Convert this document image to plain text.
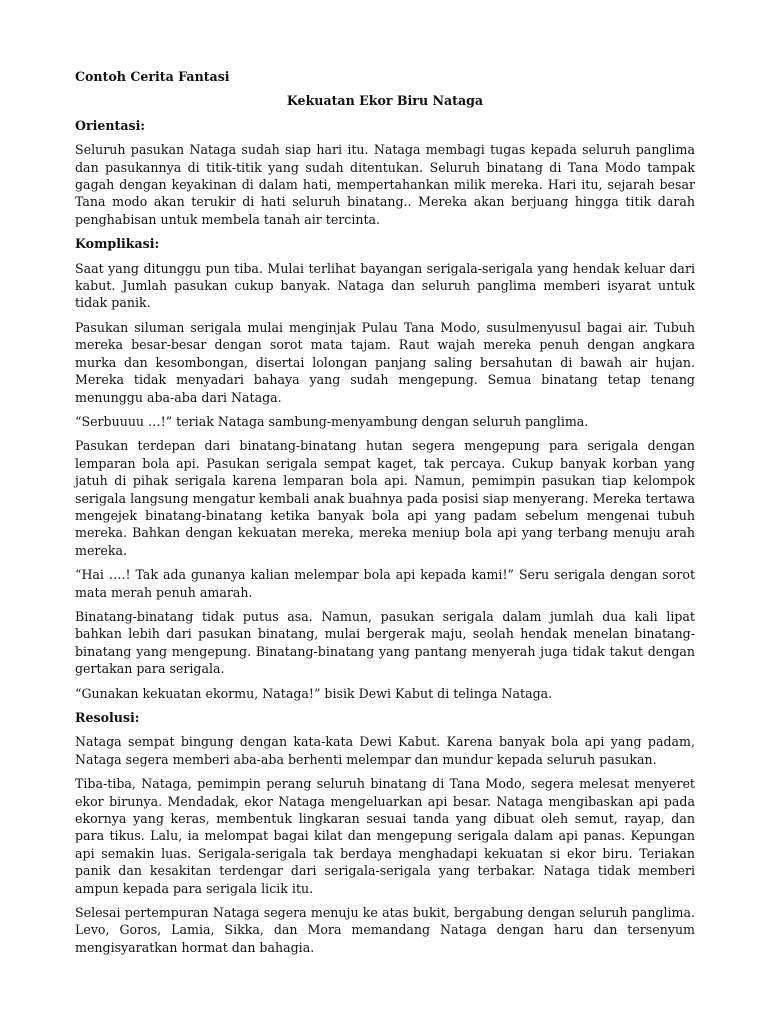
Contoh Cerita Fantasi
Kekuatan Ekor Biru Nataga
Orientasi:

Seluruh pasukan Nataga sudah siap hari itu. Nataga membagi tugas kepada seluruh panglima dan pasukannya di titik-titik yang sudah ditentukan. Seluruh binatang di Tana Modo tampak gagah dengan keyakinan di dalam hati, mempertahankan milik mereka. Hari itu, sejarah besar Tana modo akan terukir di hati seluruh binatang.. Mereka akan berjuang hingga titik darah penghabisan untuk membela tanah air tercinta.

Komplikasi:

Saat yang ditunggu pun tiba. Mulai terlihat bayangan serigala-serigala yang hendak keluar dari kabut. Jumlah pasukan cukup banyak. Nataga dan seluruh panglima memberi isyarat untuk tidak panik.

Pasukan siluman serigala mulai menginjak Pulau Tana Modo, susulmenyusul bagai air. Tubuh mereka besar-besar dengan sorot mata tajam. Raut wajah mereka penuh dengan angkara murka dan kesombongan, disertai lolongan panjang saling bersahutan di bawah air hujan. Mereka tidak menyadari bahaya yang sudah mengepung. Semua binatang tetap tenang menunggu aba-aba dari Nataga.

“Serbuuuu …!” teriak Nataga sambung-menyambung dengan seluruh panglima.

Pasukan terdepan dari binatang-binatang hutan segera mengepung para serigala dengan lemparan bola api. Pasukan serigala sempat kaget, tak percaya. Cukup banyak korban yang jatuh di pihak serigala karena lemparan bola api. Namun, pemimpin pasukan tiap kelompok serigala langsung mengatur kembali anak buahnya pada posisi siap menyerang. Mereka tertawa mengejek binatang-binatang ketika banyak bola api yang padam sebelum mengenai tubuh mereka. Bahkan dengan kekuatan mereka, mereka meniup bola api yang terbang menuju arah mereka.

“Hai ….! Tak ada gunanya kalian melempar bola api kepada kami!” Seru serigala dengan sorot mata merah penuh amarah.

Binatang-binatang tidak putus asa. Namun, pasukan serigala dalam jumlah dua kali lipat bahkan lebih dari pasukan binatang, mulai bergerak maju, seolah hendak menelan binatang-binatang yang mengepung. Binatang-binatang yang pantang menyerah juga tidak takut dengan gertakan para serigala.

“Gunakan kekuatan ekormu, Nataga!” bisik Dewi Kabut di telinga Nataga.

Resolusi:

Nataga sempat bingung dengan kata-kata Dewi Kabut. Karena banyak bola api yang padam, Nataga segera memberi aba-aba berhenti melempar dan mundur kepada seluruh pasukan.

Tiba-tiba, Nataga, pemimpin perang seluruh binatang di Tana Modo, segera melesat menyeret ekor birunya. Mendadak, ekor Nataga mengeluarkan api besar. Nataga mengibaskan api pada ekornya yang keras, membentuk lingkaran sesuai tanda yang dibuat oleh semut, rayap, dan para tikus. Lalu, ia melompat bagai kilat dan mengepung serigala dalam api panas. Kepungan api semakin luas. Serigala-serigala tak berdaya menghadapi kekuatan si ekor biru. Teriakan panik dan kesakitan terdengar dari serigala-serigala yang terbakar. Nataga tidak memberi ampun kepada para serigala licik itu.

Selesai pertempuran Nataga segera menuju ke atas bukit, bergabung dengan seluruh panglima. Levo, Goros, Lamia, Sikka, dan Mora memandang Nataga dengan haru dan tersenyum mengisyaratkan hormat dan bahagia.
